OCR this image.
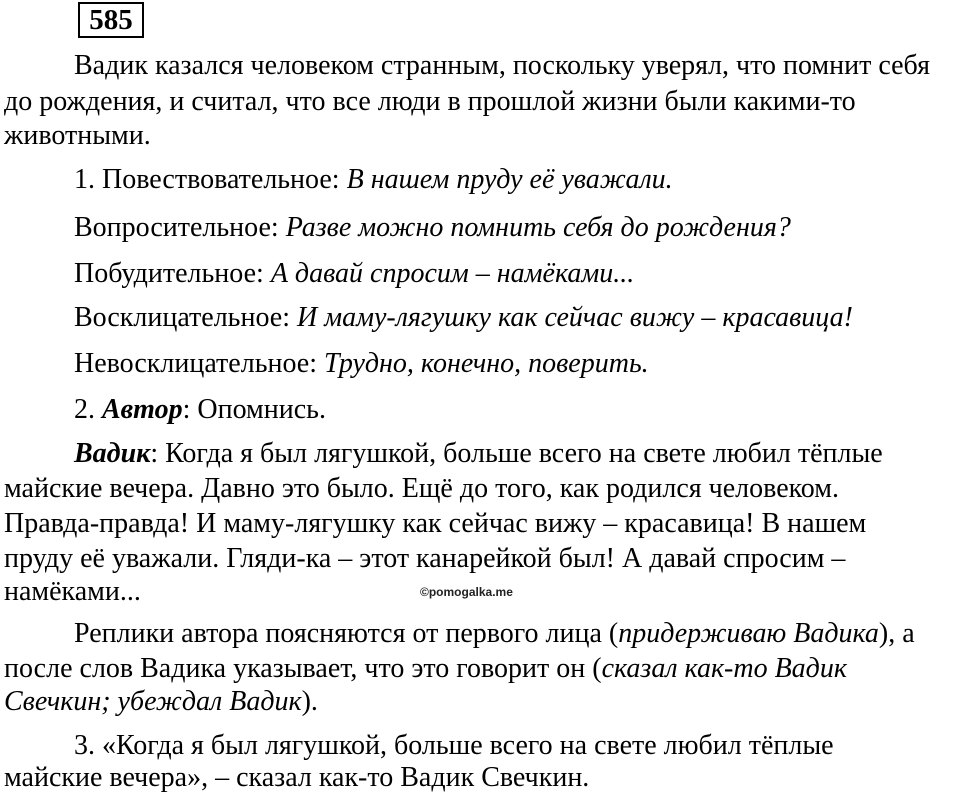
585
Вадик казался человеком странным, поскольку уверял, что помнит себя
до рождения, и считал, что все люди в прошлой жизни были какими-то
животными.
1. Повествовательное: В нашем пруду её уважали.
Вопросительное: Разве можно помнить себя до рождения?
Побудительное: А давай спросим – намёками...
Восклицательное: И маму-лягушку как сейчас вижу – красавица!
Невосклицательное: Трудно, конечно, поверить.
2. Автор: Опомнись.
Вадик: Когда я был лягушкой, больше всего на свете любил тёплые
майские вечера. Давно это было. Ещё до того, как родился человеком.
Правда-правда! И маму-лягушку как сейчас вижу – красавица! В нашем
пруду её уважали. Гляди-ка – этот канарейкой был! А давай спросим –
намёками...	©pomogalka.me
Реплики автора поясняются от первого лица (придерживаю Вадика), а
после слов Вадика указывает, что это говорит он (сказал как-то Вадик
Свечкин; убеждал Вадик).
3. «Когда я был лягушкой, больше всего на свете любил тёплые
майские вечера», – сказал как-то Вадик Свечкин.
